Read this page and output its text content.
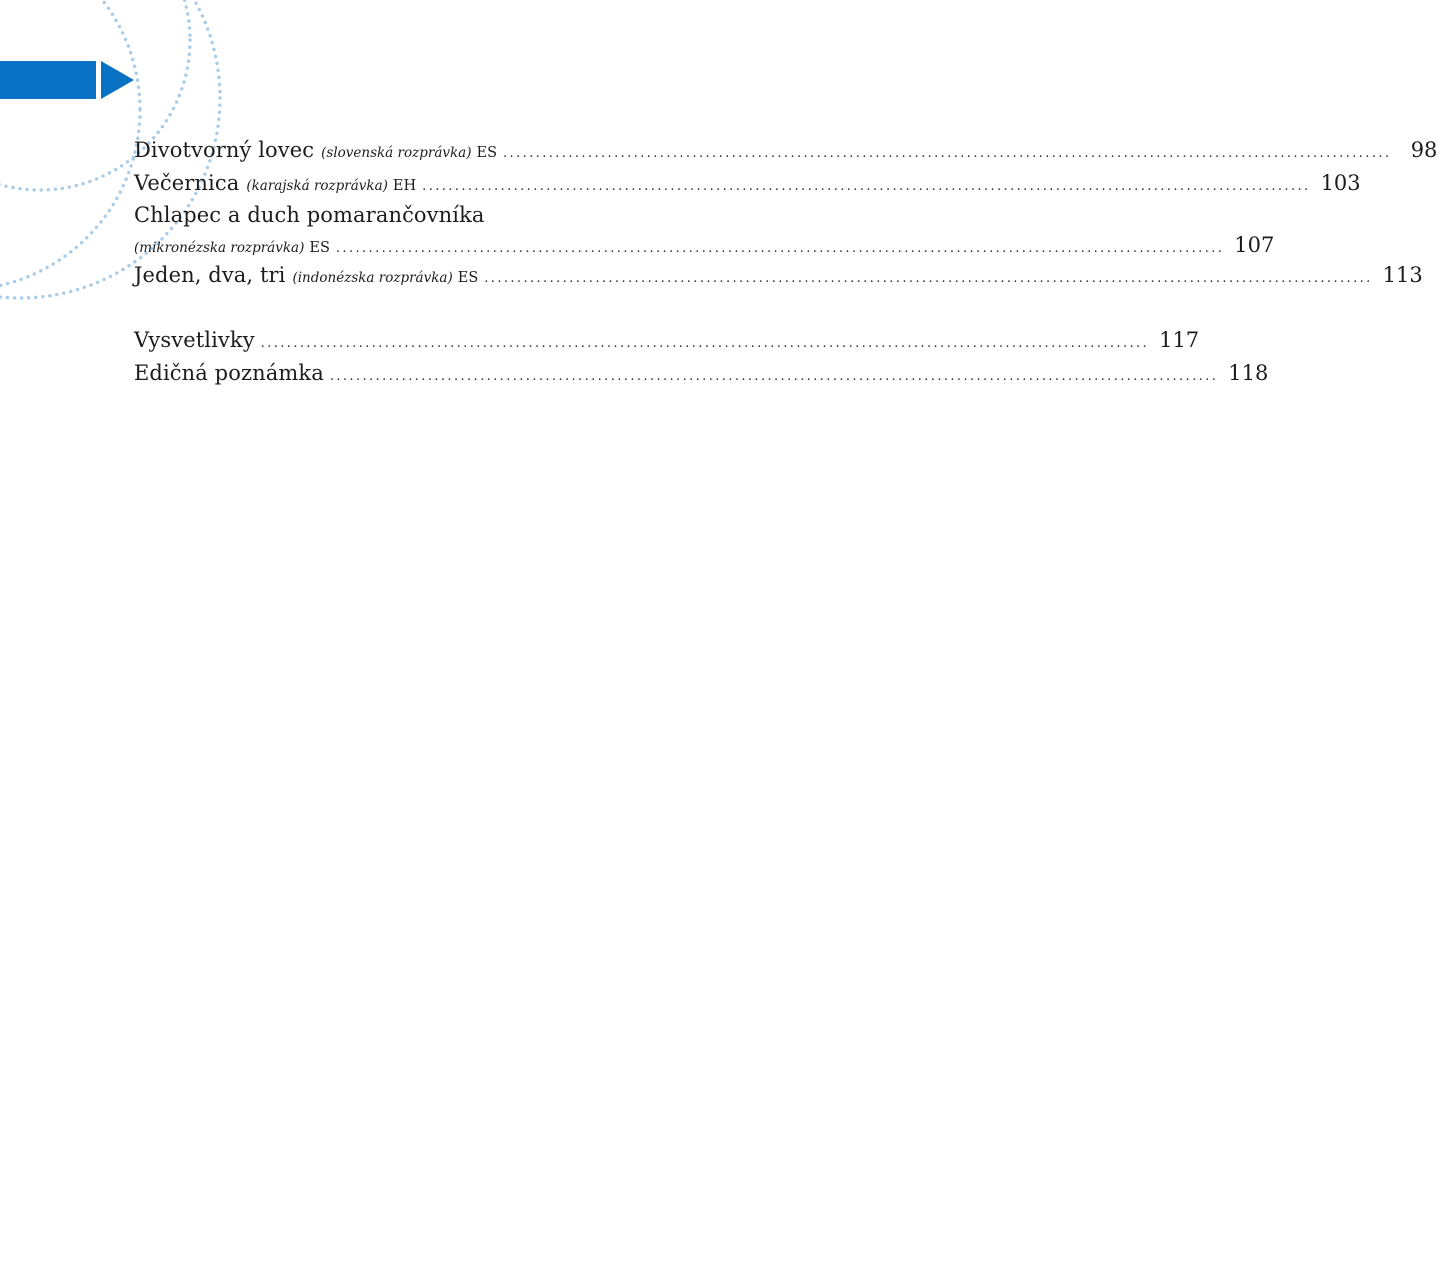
Divotvorný lovec (slovenská rozprávka) ES ........................................................................................................................................ 98
Večernica (karajská rozprávka) EH ........................................................................................................................................ 103
Chlapec a duch pomarančovníka
(mikronézska rozprávka) ES ........................................................................................................................................ 107
Jeden, dva, tri (indonézska rozprávka) ES ........................................................................................................................................ 113
Vysvetlivky ........................................................................................................................................ 117
Edičná poznámka ........................................................................................................................................ 118
